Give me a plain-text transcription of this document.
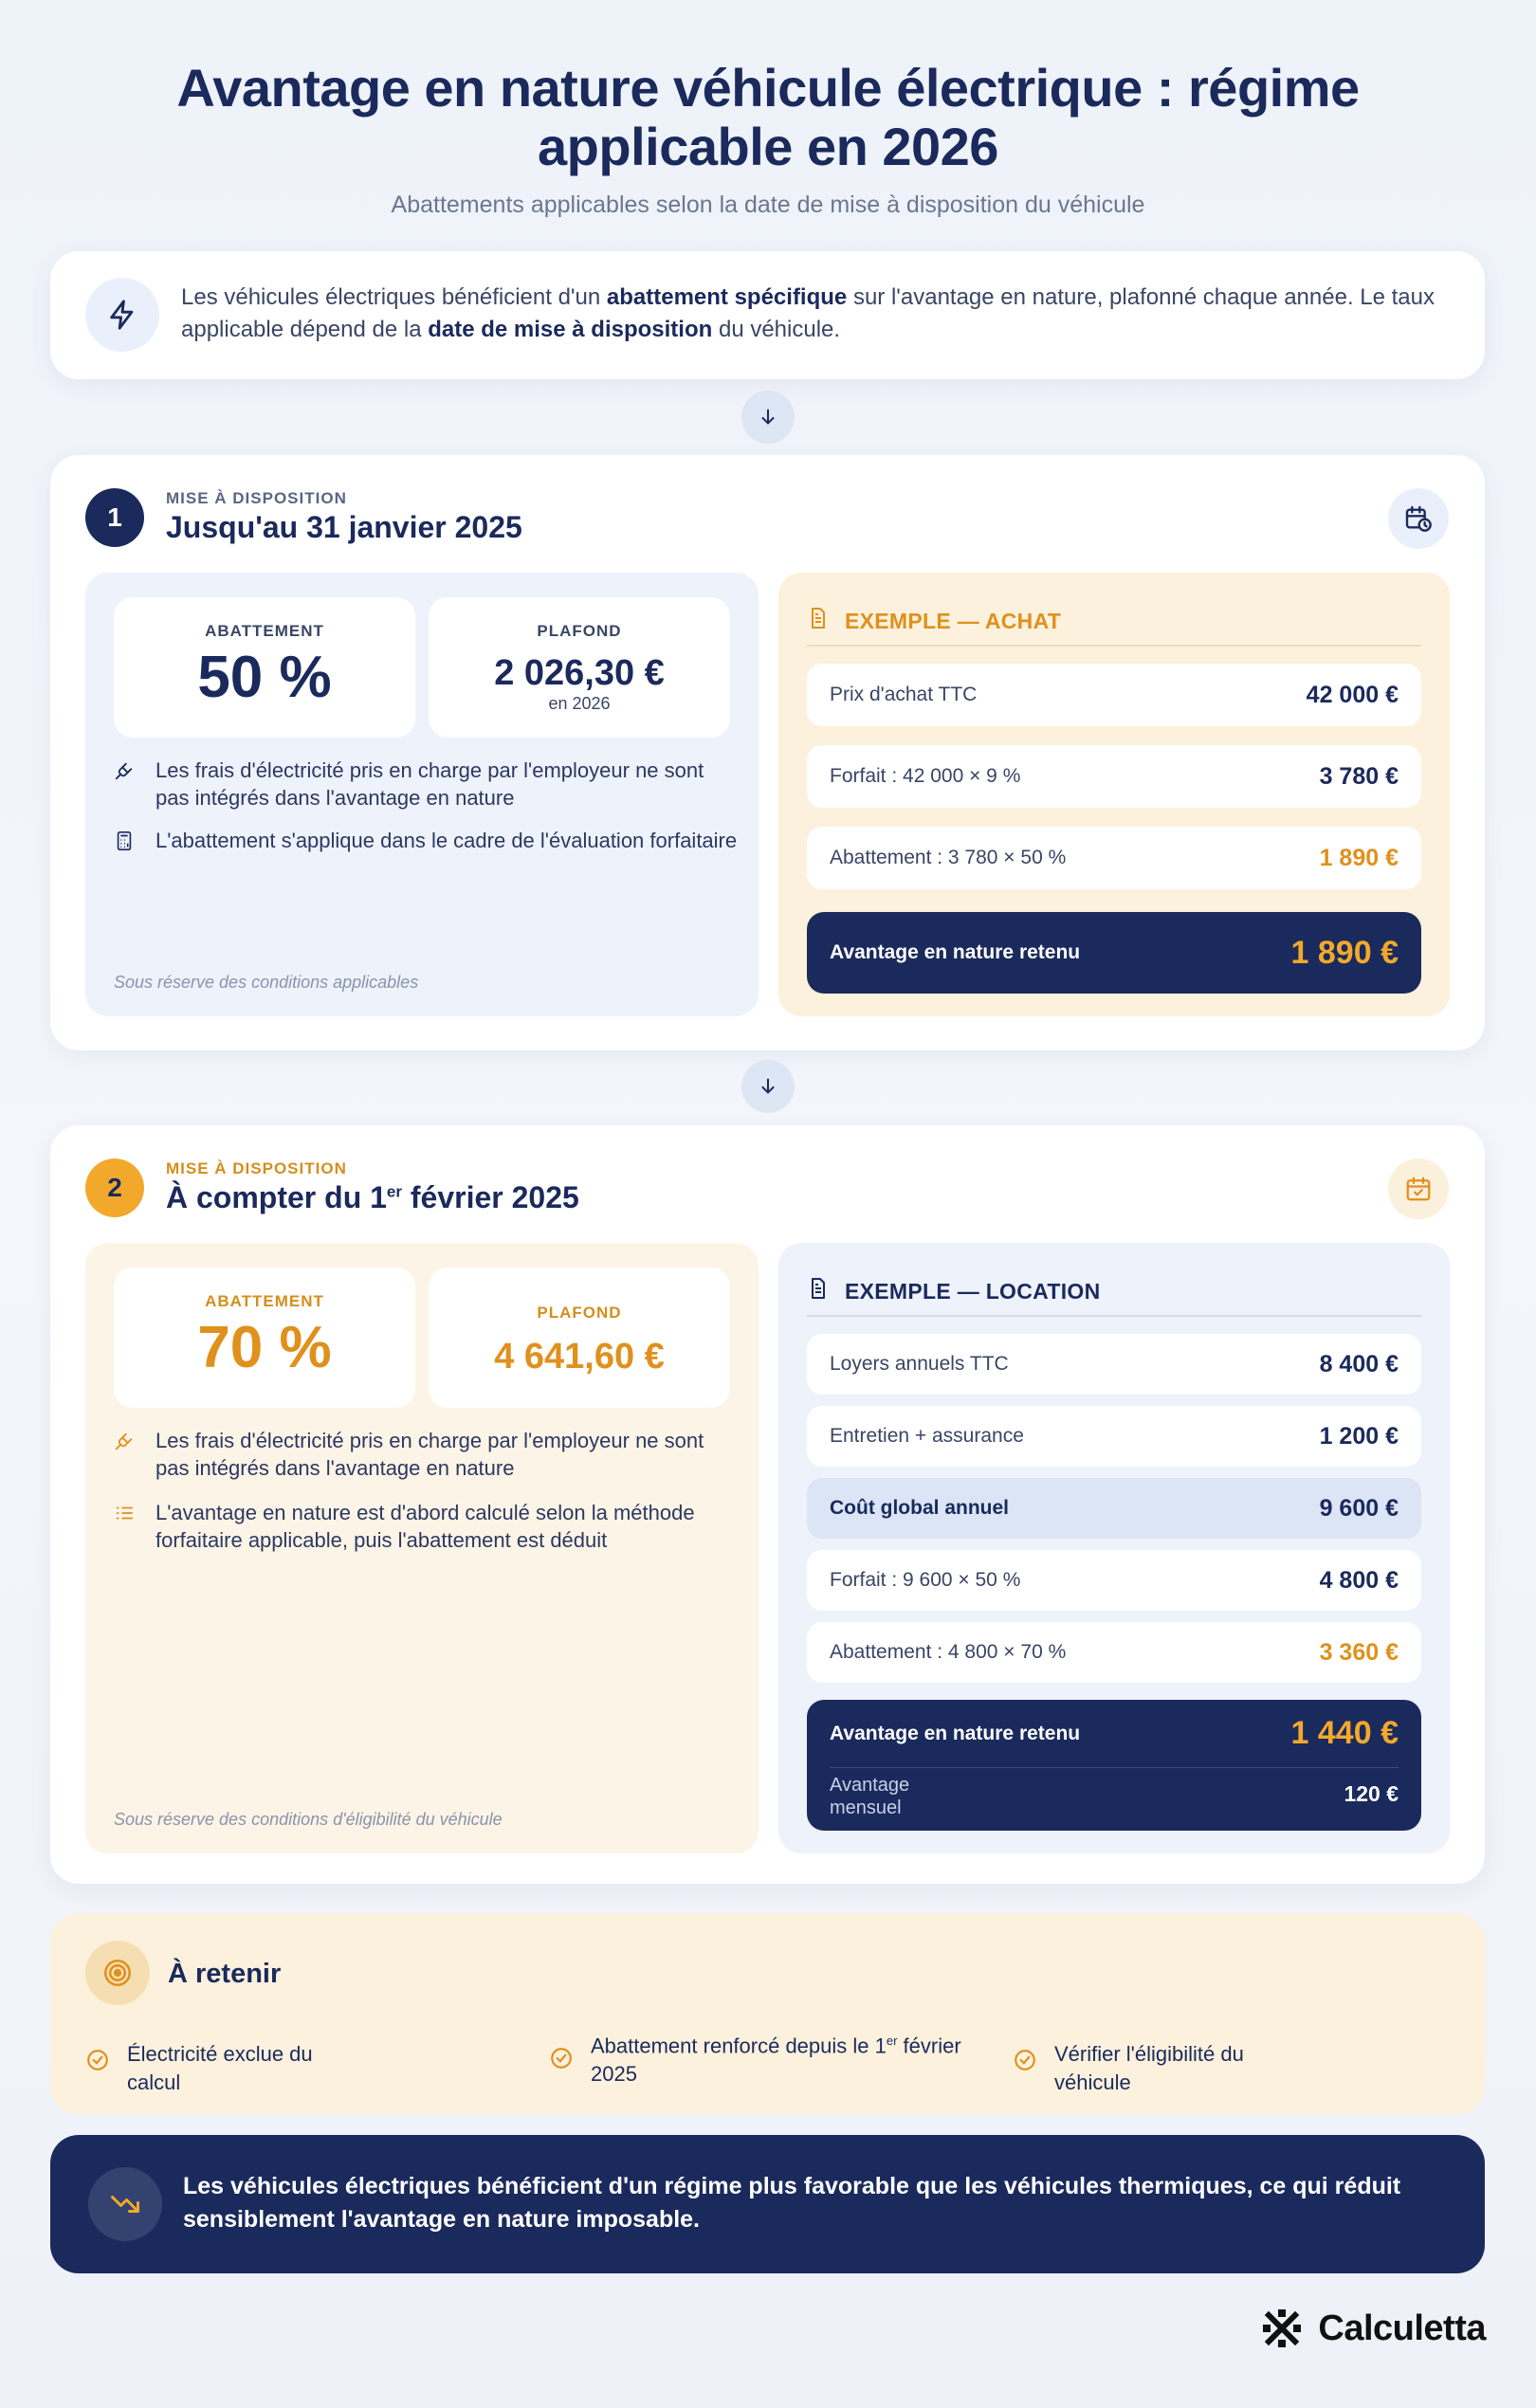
Avantage en nature véhicule électrique : régime applicable en 2026
Abattements applicables selon la date de mise à disposition du véhicule
Les véhicules électriques bénéficient d'un abattement spécifique sur l'avantage en nature, plafonné chaque année. Le taux applicable dépend de la date de mise à disposition du véhicule.
1
MISE À DISPOSITION
Jusqu'au 31 janvier 2025
ABATTEMENT
50 %
PLAFOND
2 026,30 €
en 2026
Les frais d'électricité pris en charge par l'employeur ne sont pas intégrés dans l'avantage en nature
L'abattement s'applique dans le cadre de l'évaluation forfaitaire
Sous réserve des conditions applicables
EXEMPLE — ACHAT
Prix d'achat TTC	42 000 €
Forfait : 42 000 × 9 %	3 780 €
Abattement : 3 780 × 50 %	1 890 €
Avantage en nature retenu	1 890 €
2
MISE À DISPOSITION
À compter du 1er février 2025
ABATTEMENT
70 %
PLAFOND
4 641,60 €
Les frais d'électricité pris en charge par l'employeur ne sont pas intégrés dans l'avantage en nature
L'avantage en nature est d'abord calculé selon la méthode forfaitaire applicable, puis l'abattement est déduit
Sous réserve des conditions d'éligibilité du véhicule
EXEMPLE — LOCATION
Loyers annuels TTC	8 400 €
Entretien + assurance	1 200 €
Coût global annuel	9 600 €
Forfait : 9 600 × 50 %	4 800 €
Abattement : 4 800 × 70 %	3 360 €
Avantage en nature retenu	1 440 €
Avantage mensuel
120 €
À retenir
Électricité exclue du calcul
Abattement renforcé depuis le 1er février 2025
Vérifier l'éligibilité du véhicule
Les véhicules électriques bénéficient d'un régime plus favorable que les véhicules thermiques, ce qui réduit sensiblement l'avantage en nature imposable.
Calculetta
